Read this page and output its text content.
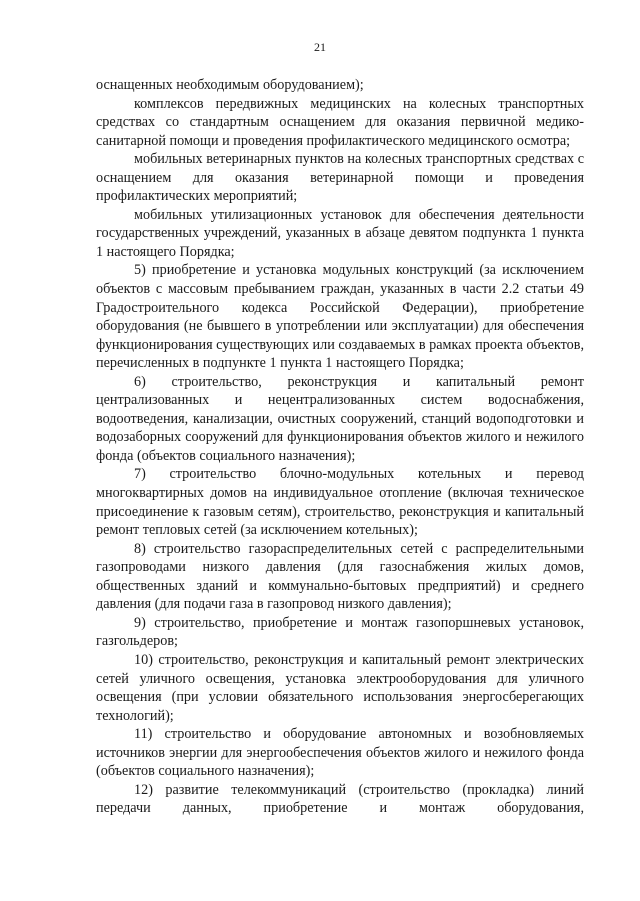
21

оснащенных необходимым оборудованием);

комплексов передвижных медицинских на колесных транспортных средствах со стандартным оснащением для оказания первичной медико-санитарной помощи и проведения профилактического медицинского осмотра;

мобильных ветеринарных пунктов на колесных транспортных средствах с оснащением для оказания ветеринарной помощи и проведения профилактических мероприятий;

мобильных утилизационных установок для обеспечения деятельности государственных учреждений, указанных в абзаце девятом подпункта 1 пункта 1 настоящего Порядка;

5) приобретение и установка модульных конструкций (за исключением объектов с массовым пребыванием граждан, указанных в части 2.2 статьи 49 Градостроительного кодекса Российской Федерации), приобретение оборудования (не бывшего в употреблении или эксплуатации) для обеспечения функционирования существующих или создаваемых в рамках проекта объектов, перечисленных в подпункте 1 пункта 1 настоящего Порядка;

6) строительство, реконструкция и капитальный ремонт централизованных и нецентрализованных систем водоснабжения, водоотведения, канализации, очистных сооружений, станций водоподготовки и водозаборных сооружений для функционирования объектов жилого и нежилого фонда (объектов социального назначения);

7) строительство блочно-модульных котельных и перевод многоквартирных домов на индивидуальное отопление (включая техническое присоединение к газовым сетям), строительство, реконструкция и капитальный ремонт тепловых сетей (за исключением котельных);

8) строительство газораспределительных сетей с распределительными газопроводами низкого давления (для газоснабжения жилых домов, общественных зданий и коммунально-бытовых предприятий) и среднего давления (для подачи газа в газопровод низкого давления);

9) строительство, приобретение и монтаж газопоршневых установок, газгольдеров;

10) строительство, реконструкция и капитальный ремонт электрических сетей уличного освещения, установка электрооборудования для уличного освещения (при условии обязательного использования энергосберегающих технологий);

11) строительство и оборудование автономных и возобновляемых источников энергии для энергообеспечения объектов жилого и нежилого фонда (объектов социального назначения);

12) развитие телекоммуникаций (строительство (прокладка) линий передачи данных, приобретение и монтаж оборудования,
